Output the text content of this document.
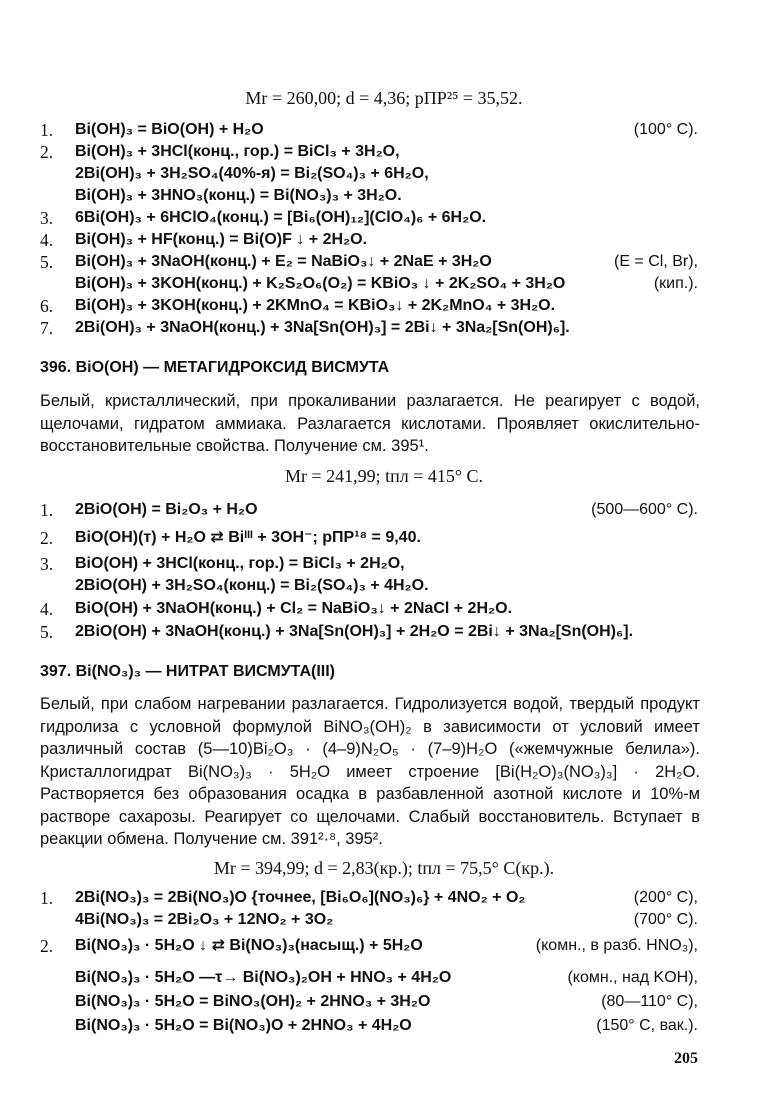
Mr = 260,00; d = 4,36; рПР²⁵ = 35,52.
1. Bi(OH)₃ = BiO(OH) + H₂O	(100° C).
2. Bi(OH)₃ + 3HCl(конц., гор.) = BiCl₃ + 3H₂O,
2Bi(OH)₃ + 3H₂SO₄(40%-я) = Bi₂(SO₄)₃ + 6H₂O,
Bi(OH)₃ + 3HNO₃(конц.) = Bi(NO₃)₃ + 3H₂O.
3. 6Bi(OH)₃ + 6HClO₄(конц.) = [Bi₆(OH)₁₂](ClO₄)₆ + 6H₂O.
4. Bi(OH)₃ + HF(конц.) = Bi(O)F ↓ + 2H₂O.
5. Bi(OH)₃ + 3NaOH(конц.) + E₂ = NaBiO₃↓ + 2NaE + 3H₂O	(E = Cl, Br),
Bi(OH)₃ + 3KOH(конц.) + K₂S₂O₆(O₂) = KBiO₃ ↓ + 2K₂SO₄ + 3H₂O	(кип.).
6. Bi(OH)₃ + 3KOH(конц.) + 2KMnO₄ = KBiO₃↓ + 2K₂MnO₄ + 3H₂O.
7. 2Bi(OH)₃ + 3NaOH(конц.) + 3Na[Sn(OH)₃] = 2Bi↓ + 3Na₂[Sn(OH)₆].
396. BiO(OH) — МЕТАГИДРОКСИД ВИСМУТА
Белый, кристаллический, при прокаливании разлагается. Не реагирует с водой, щелочами, гидратом аммиака. Разлагается кислотами. Проявляет окислительно-восстановительные свойства. Получение см. 395¹.
Mr = 241,99; tпл = 415° С.
1. 2BiO(OH) = Bi₂O₃ + H₂O	(500—600° С).
2. BiO(OH)(т) + H₂O ⇄ Biᴵᴵᴵ + 3OH⁻; рПР¹⁸ = 9,40.
3. BiO(OH) + 3HCl(конц., гор.) = BiCl₃ + 2H₂O,
2BiO(OH) + 3H₂SO₄(конц.) = Bi₂(SO₄)₃ + 4H₂O.
4. BiO(OH) + 3NaOH(конц.) + Cl₂ = NaBiO₃↓ + 2NaCl + 2H₂O.
5. 2BiO(OH) + 3NaOH(конц.) + 3Na[Sn(OH)₃] + 2H₂O = 2Bi↓ + 3Na₂[Sn(OH)₆].
397. Bi(NO₃)₃ — НИТРАТ ВИСМУТА(III)
Белый, при слабом нагревании разлагается. Гидролизуется водой, твердый продукт гидролиза с условной формулой BiNO₃(OH)₂ в зависимости от условий имеет различный состав (5—10)Bi₂O₃ · (4–9)N₂O₅ · (7–9)H₂O («жемчужные белила»). Кристаллогидрат Bi(NO₃)₃ · 5H₂O имеет строение [Bi(H₂O)₃(NO₃)₃] · 2H₂O. Растворяется без образования осадка в разбавленной азотной кислоте и 10%-м растворе сахарозы. Реагирует со щелочами. Слабый восстановитель. Вступает в реакции обмена. Получение см. 391²·⁸, 395².
Mr = 394,99; d = 2,83(кр.); tпл = 75,5° С(кр.).
1. 2Bi(NO₃)₃ = 2Bi(NO₃)O {точнее, [Bi₆O₆](NO₃)₆} + 4NO₂ + O₂	(200° С),
4Bi(NO₃)₃ = 2Bi₂O₃ + 12NO₂ + 3O₂	(700° С).
2. Bi(NO₃)₃ · 5H₂O ↓ ⇄ Bi(NO₃)₃(насыщ.) + 5H₂O	(комн., в разб. HNO₃),
Bi(NO₃)₃ · 5H₂O —τ→ Bi(NO₃)₂OH + HNO₃ + 4H₂O	(комн., над KOH),
Bi(NO₃)₃ · 5H₂O = BiNO₃(OH)₂ + 2HNO₃ + 3H₂O	(80—110° С),
Bi(NO₃)₃ · 5H₂O = Bi(NO₃)O + 2HNO₃ + 4H₂O	(150° С, вак.).
205
